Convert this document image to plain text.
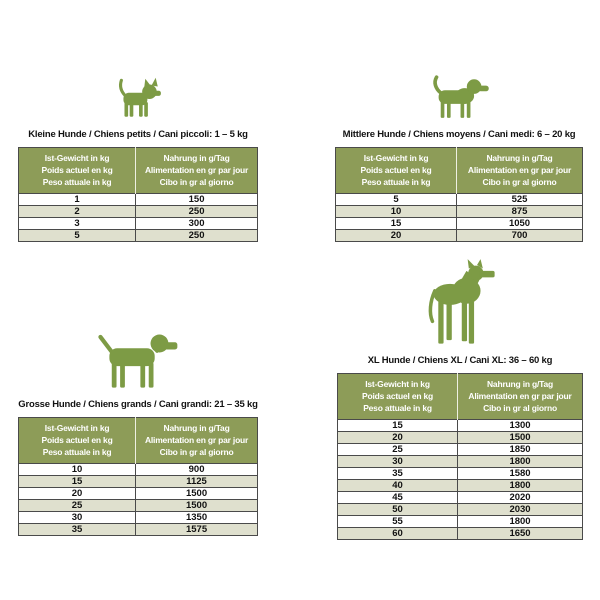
Kleine Hunde / Chiens petits / Cani piccoli: 1 – 5 kg
Ist-Gewicht in kg
Poids actuel en kg
Peso attuale in kg	Nahrung in g/Tag
Alimentation en gr par jour
Cibo in gr al giorno

1	150
2	250
3	300
5	250
Mittlere Hunde / Chiens moyens / Cani medi: 6 – 20 kg
Ist-Gewicht in kg
Poids actuel en kg
Peso attuale in kg	Nahrung in g/Tag
Alimentation en gr par jour
Cibo in gr al giorno

5	525
10	875
15	1050
20	700
Grosse Hunde / Chiens grands / Cani grandi: 21 – 35 kg
Ist-Gewicht in kg
Poids actuel en kg
Peso attuale in kg	Nahrung in g/Tag
Alimentation en gr par jour
Cibo in gr al giorno

10	900
15	1125
20	1500
25	1500
30	1350
35	1575
XL Hunde / Chiens XL / Cani XL: 36 – 60 kg
Ist-Gewicht in kg
Poids actuel en kg
Peso attuale in kg	Nahrung in g/Tag
Alimentation en gr par jour
Cibo in gr al giorno

15	1300
20	1500
25	1850
30	1800
35	1580
40	1800
45	2020
50	2030
55	1800
60	1650
